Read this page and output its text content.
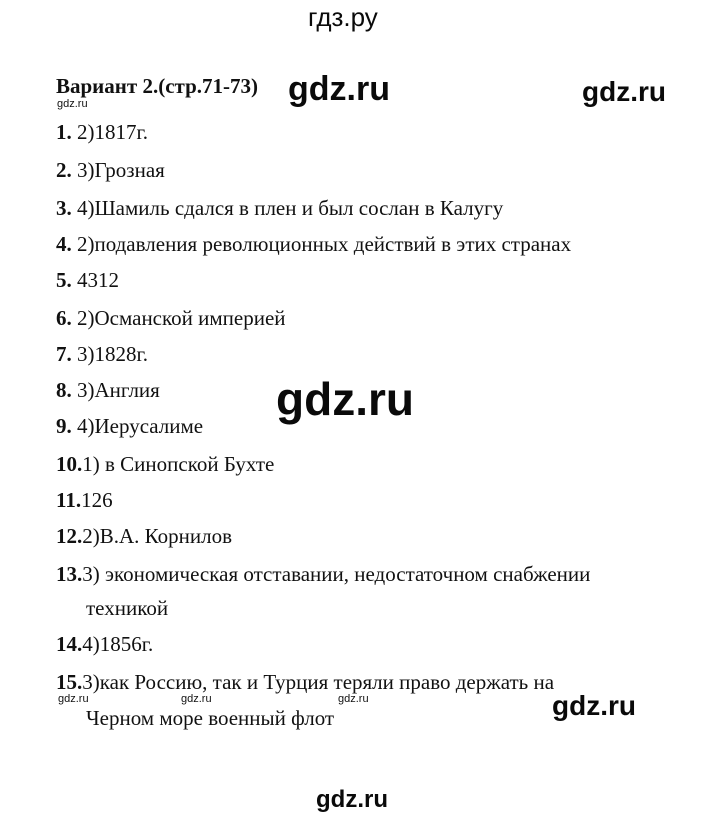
гдз.ру
Вариант 2.(стр.71-73)
gdz.ru	gdz.ru	gdz.ru
1. 2)1817г.
2. 3)Грозная
3. 4)Шамиль сдался в плен и был сослан в Калугу
4. 2)подавления революционных действий в этих странах
5. 4312
6. 2)Османской империей
7. 3)1828г.
8. 3)Англия
9. 4)Иерусалиме
10.1) в Синопской Бухте
11.126
12.2)В.А. Корнилов
13.3) экономическая отставании, недостаточном снабжении
техникой
14.4)1856г.
15.3)как Россию, так и Турция теряли право держать на
Черном море военный флот
gdz.ru
gdz.ru	gdz.ru	gdz.ru	gdz.ru
gdz.ru
